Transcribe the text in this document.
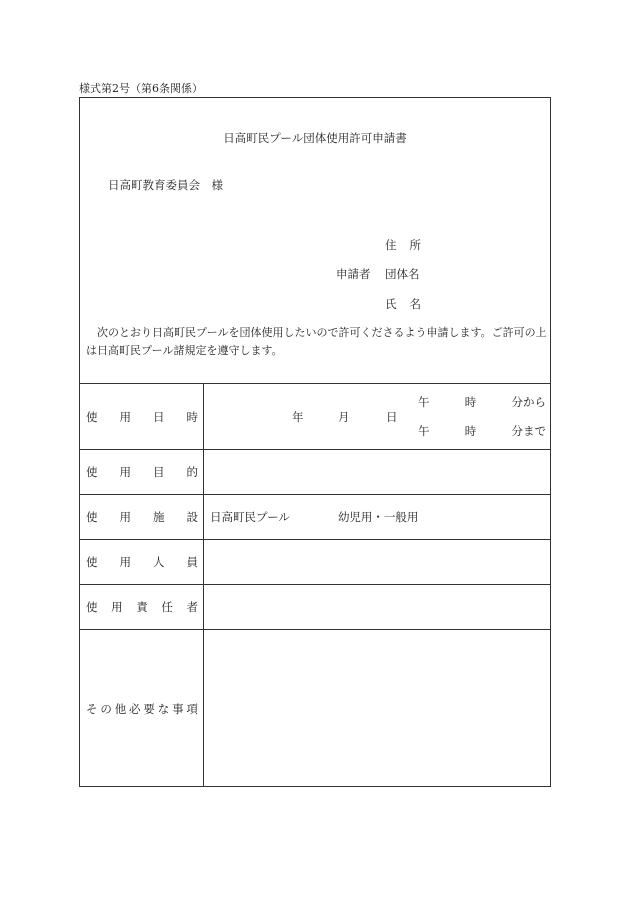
様式第2号（第6条関係）
日高町民プール団体使用許可申請書
日高町教育委員会　様
住 所
申請者 団体名
氏 名
次のとおり日高町民プールを団体使用したいので許可くださるよう申請します。ご許可の上は日高町民プール諸規定を遵守します。
使 用 日 時	年	月	日
午	時	分から
午	時	分まで
使 用 目 的
使 用 施 設 日高町民プール	幼児用・一般用
使 用 人 員
使 用 責 任 者
そ の 他 必 要 な 事 項
